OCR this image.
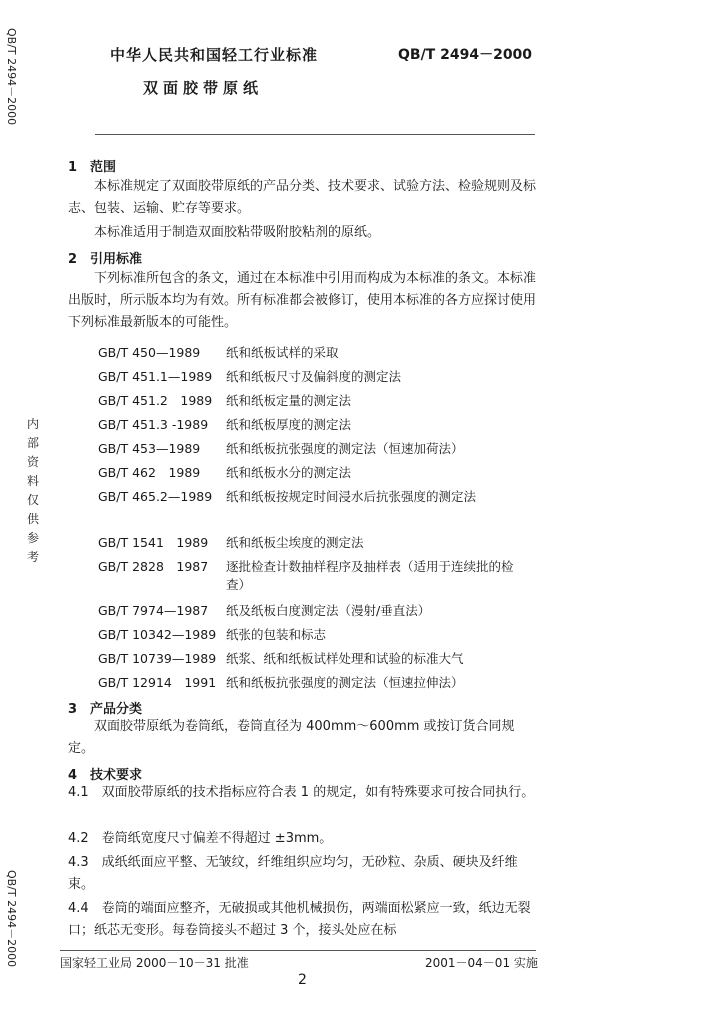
QB/T 2494－2000
内
部
资
料
仅
供
参
考
QB/T 2494－2000
中华人民共和国轻工行业标准	QB/T 2494－2000
双面胶带原纸
1　范围
本标准规定了双面胶带原纸的产品分类、技术要求、试验方法、检验规则及标志、包装、运输、贮存等要求。
本标准适用于制造双面胶粘带吸附胶粘剂的原纸。
2　引用标准
下列标准所包含的条文，通过在本标准中引用而构成为本标准的条文。本标准出版时，所示版本均为有效。所有标准都会被修订，使用本标准的各方应探讨使用下列标准最新版本的可能性。
GB/T 450—1989	纸和纸板试样的采取
GB/T 451.1—1989	纸和纸板尺寸及偏斜度的测定法
GB/T 451.2　1989	纸和纸板定量的测定法
GB/T 451.3 -1989	纸和纸板厚度的测定法
GB/T 453—1989	纸和纸板抗张强度的测定法（恒速加荷法）
GB/T 462　1989	纸和纸板水分的测定法
GB/T 465.2—1989	纸和纸板按规定时间浸水后抗张强度的测定法
GB/T 1541　1989	纸和纸板尘埃度的测定法
GB/T 2828　1987	逐批检查计数抽样程序及抽样表（适用于连续批的检查）
GB/T 7974—1987	纸及纸板白度测定法（漫射/垂直法）
GB/T 10342—1989 纸张的包装和标志
GB/T 10739—1989 纸浆、纸和纸板试样处理和试验的标准大气
GB/T 12914　1991 纸和纸板抗张强度的测定法（恒速拉伸法）
3　产品分类
双面胶带原纸为卷筒纸，卷筒直径为 400mm～600mm 或按订货合同规定。
4　技术要求
4.1　双面胶带原纸的技术指标应符合表 1 的规定，如有特殊要求可按合同执行。
4.2　卷筒纸宽度尺寸偏差不得超过 ±3mm。
4.3　成纸纸面应平整、无皱纹，纤维组织应均匀，无砂粒、杂质、硬块及纤维束。
4.4　卷筒的端面应整齐，无破损或其他机械损伤，两端面松紧应一致，纸边无裂口；纸芯无变形。每卷筒接头不超过 3 个，接头处应在标
国家轻工业局 2000－10－31 批准	2001－04－01 实施
2
